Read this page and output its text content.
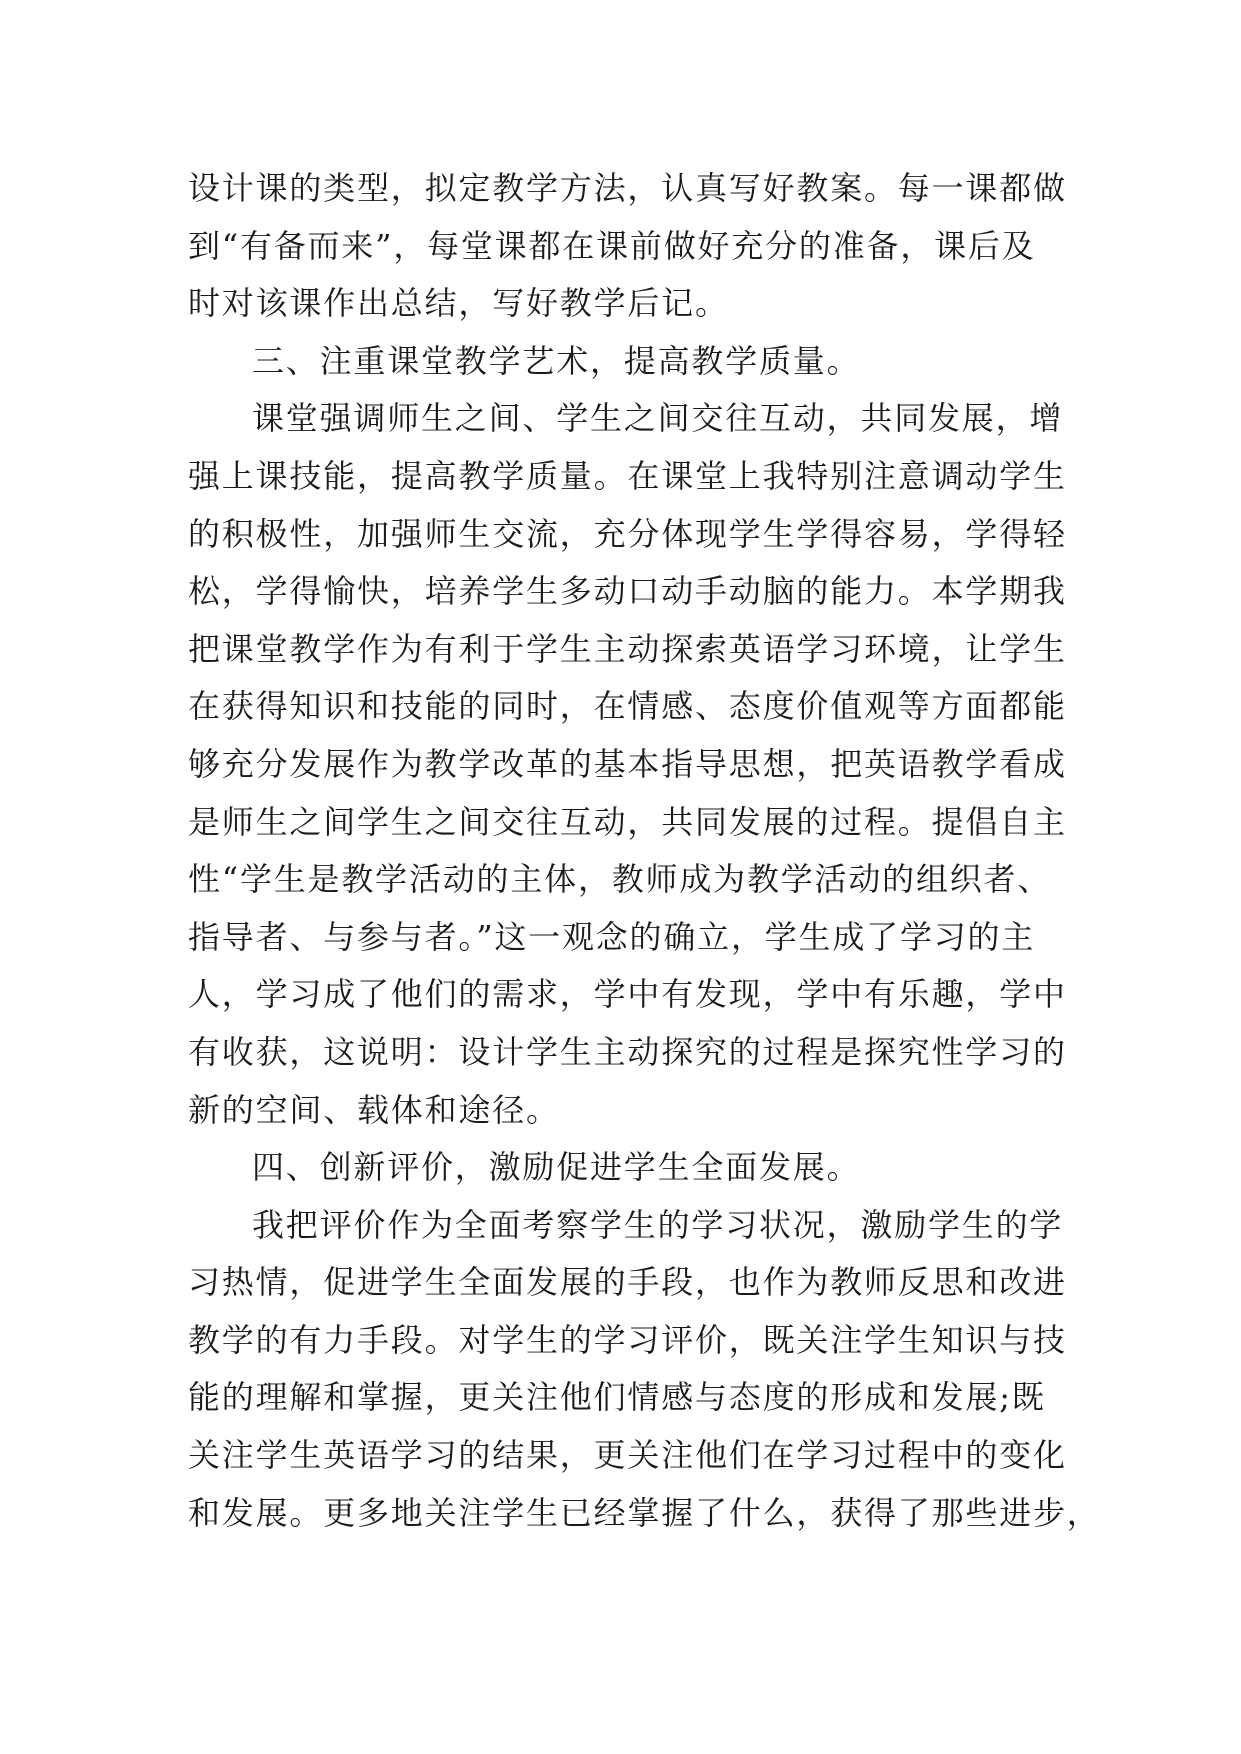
设计课的类型，拟定教学方法，认真写好教案。每一课都做
到“有备而来”，每堂课都在课前做好充分的准备，课后及
时对该课作出总结，写好教学后记。
三、注重课堂教学艺术，提高教学质量。
课堂强调师生之间、学生之间交往互动，共同发展，增
强上课技能，提高教学质量。在课堂上我特别注意调动学生
的积极性，加强师生交流，充分体现学生学得容易，学得轻
松，学得愉快，培养学生多动口动手动脑的能力。本学期我
把课堂教学作为有利于学生主动探索英语学习环境，让学生
在获得知识和技能的同时，在情感、态度价值观等方面都能
够充分发展作为教学改革的基本指导思想，把英语教学看成
是师生之间学生之间交往互动，共同发展的过程。提倡自主
性“学生是教学活动的主体，教师成为教学活动的组织者、
指导者、与参与者。”这一观念的确立，学生成了学习的主
人，学习成了他们的需求，学中有发现，学中有乐趣，学中
有收获，这说明：设计学生主动探究的过程是探究性学习的
新的空间、载体和途径。
四、创新评价，激励促进学生全面发展。
我把评价作为全面考察学生的学习状况，激励学生的学
习热情，促进学生全面发展的手段，也作为教师反思和改进
教学的有力手段。对学生的学习评价，既关注学生知识与技
能的理解和掌握，更关注他们情感与态度的形成和发展;既
关注学生英语学习的结果，更关注他们在学习过程中的变化
和发展。更多地关注学生已经掌握了什么，获得了那些进步，
